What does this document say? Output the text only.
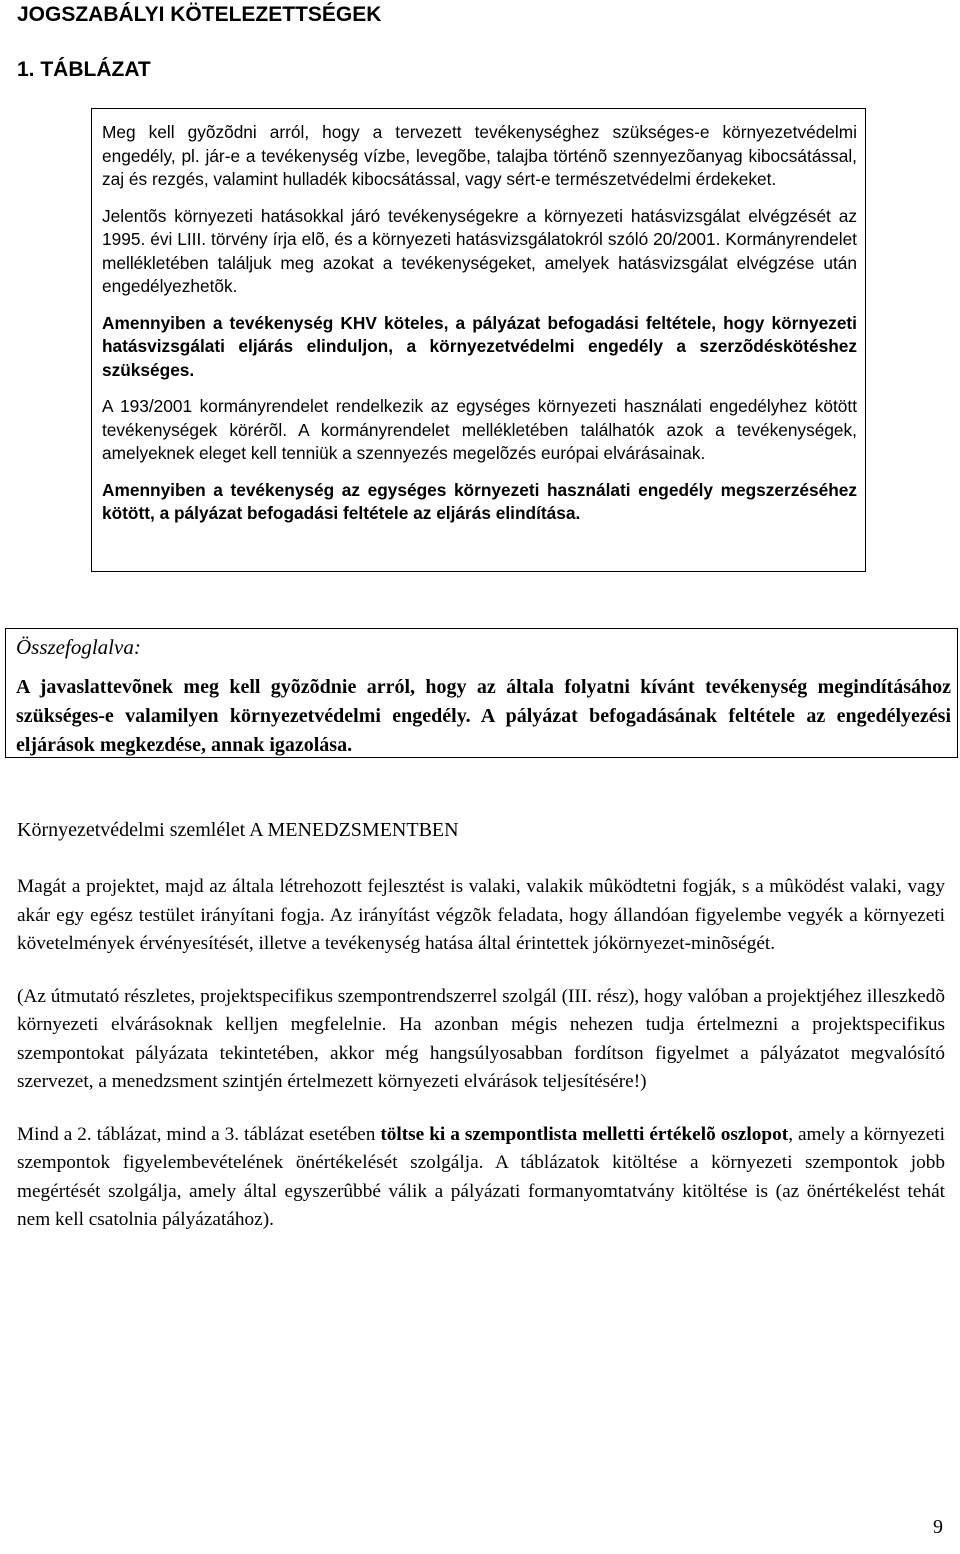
JOGSZABÁLYI KÖTELEZETTSÉGEK
1. TÁBLÁZAT

Meg kell gyõzõdni arról, hogy a tervezett tevékenységhez szükséges-e környezetvédelmi engedély, pl. jár-e a tevékenység vízbe, levegõbe, talajba történõ szennyezõanyag kibocsátással, zaj és rezgés, valamint hulladék kibocsátással, vagy sért-e természetvédelmi érdekeket.

Jelentõs környezeti hatásokkal járó tevékenységekre a környezeti hatásvizsgálat elvégzését az 1995. évi LIII. törvény írja elõ, és a környezeti hatásvizsgálatokról szóló 20/2001. Kormányrendelet mellékletében találjuk meg azokat a tevékenységeket, amelyek hatásvizsgálat elvégzése után engedélyezhetõk.

Amennyiben a tevékenység KHV köteles, a pályázat befogadási feltétele, hogy környezeti hatásvizsgálati eljárás elinduljon, a környezetvédelmi engedély a szerzõdéskötéshez szükséges.

A 193/2001 kormányrendelet rendelkezik az egységes környezeti használati engedélyhez kötött tevékenységek körérõl. A kormányrendelet mellékletében találhatók azok a tevékenységek, amelyeknek eleget kell tenniük a szennyezés megelõzés európai elvárásainak.

Amennyiben a tevékenység az egységes környezeti használati engedély megszerzéséhez kötött, a pályázat befogadási feltétele az eljárás elindítása.

Összefoglalva:

A javaslattevõnek meg kell gyõzõdnie arról, hogy az általa folyatni kívánt tevékenység megindításához szükséges-e valamilyen környezetvédelmi engedély. A pályázat befogadásának feltétele az engedélyezési eljárások megkezdése, annak igazolása.

Környezetvédelmi szemlélet A MENEDZSMENTBEN

Magát a projektet, majd az általa létrehozott fejlesztést is valaki, valakik mûködtetni fogják, s a mûködést valaki, vagy akár egy egész testület irányítani fogja. Az irányítást végzõk feladata, hogy állandóan figyelembe vegyék a környezeti követelmények érvényesítését, illetve a tevékenység hatása által érintettek jókörnyezet-minõségét.

(Az útmutató részletes, projektspecifikus szempontrendszerrel szolgál (III. rész), hogy valóban a projektjéhez illeszkedõ környezeti elvárásoknak kelljen megfelelnie. Ha azonban mégis nehezen tudja értelmezni a projektspecifikus szempontokat pályázata tekintetében, akkor még hangsúlyosabban fordítson figyelmet a pályázatot megvalósító szervezet, a menedzsment szintjén értelmezett környezeti elvárások teljesítésére!)

Mind a 2. táblázat, mind a 3. táblázat esetében töltse ki a szempontlista melletti értékelõ oszlopot, amely a környezeti szempontok figyelembevételének önértékelését szolgálja. A táblázatok kitöltése a környezeti szempontok jobb megértését szolgálja, amely által egyszerûbbé válik a pályázati formanyomtatvány kitöltése is (az önértékelést tehát nem kell csatolnia pályázatához).

9
